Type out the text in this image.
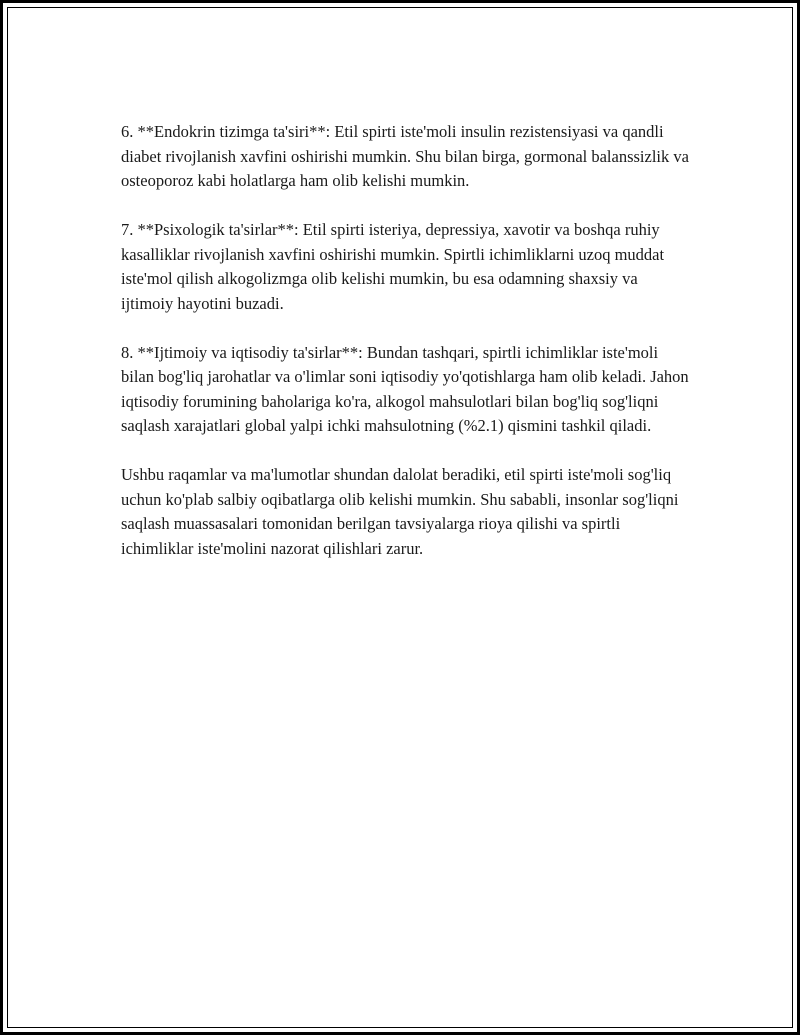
6. **Endokrin tizimga ta'siri**: Etil spirti iste'moli insulin rezistensiyasi va qandli diabet rivojlanish xavfini oshirishi mumkin. Shu bilan birga, gormonal balanssizlik va osteoporoz kabi holatlarga ham olib kelishi mumkin.

7. **Psixologik ta'sirlar**: Etil spirti isteriya, depressiya, xavotir va boshqa ruhiy kasalliklar rivojlanish xavfini oshirishi mumkin. Spirtli ichimliklarni uzoq muddat iste'mol qilish alkogolizmga olib kelishi mumkin, bu esa odamning shaxsiy va ijtimoiy hayotini buzadi.

8. **Ijtimoiy va iqtisodiy ta'sirlar**: Bundan tashqari, spirtli ichimliklar iste'moli bilan bog'liq jarohatlar va o'limlar soni iqtisodiy yo'qotishlarga ham olib keladi. Jahon iqtisodiy forumining baholariga ko'ra, alkogol mahsulotlari bilan bog'liq sog'liqni saqlash xarajatlari global yalpi ichki mahsulotning (%2.1) qismini tashkil qiladi.

Ushbu raqamlar va ma'lumotlar shundan dalolat beradiki, etil spirti iste'moli sog'liq uchun ko'plab salbiy oqibatlarga olib kelishi mumkin. Shu sababli, insonlar sog'liqni saqlash muassasalari tomonidan berilgan tavsiyalarga rioya qilishi va spirtli ichimliklar iste'molini nazorat qilishlari zarur.
